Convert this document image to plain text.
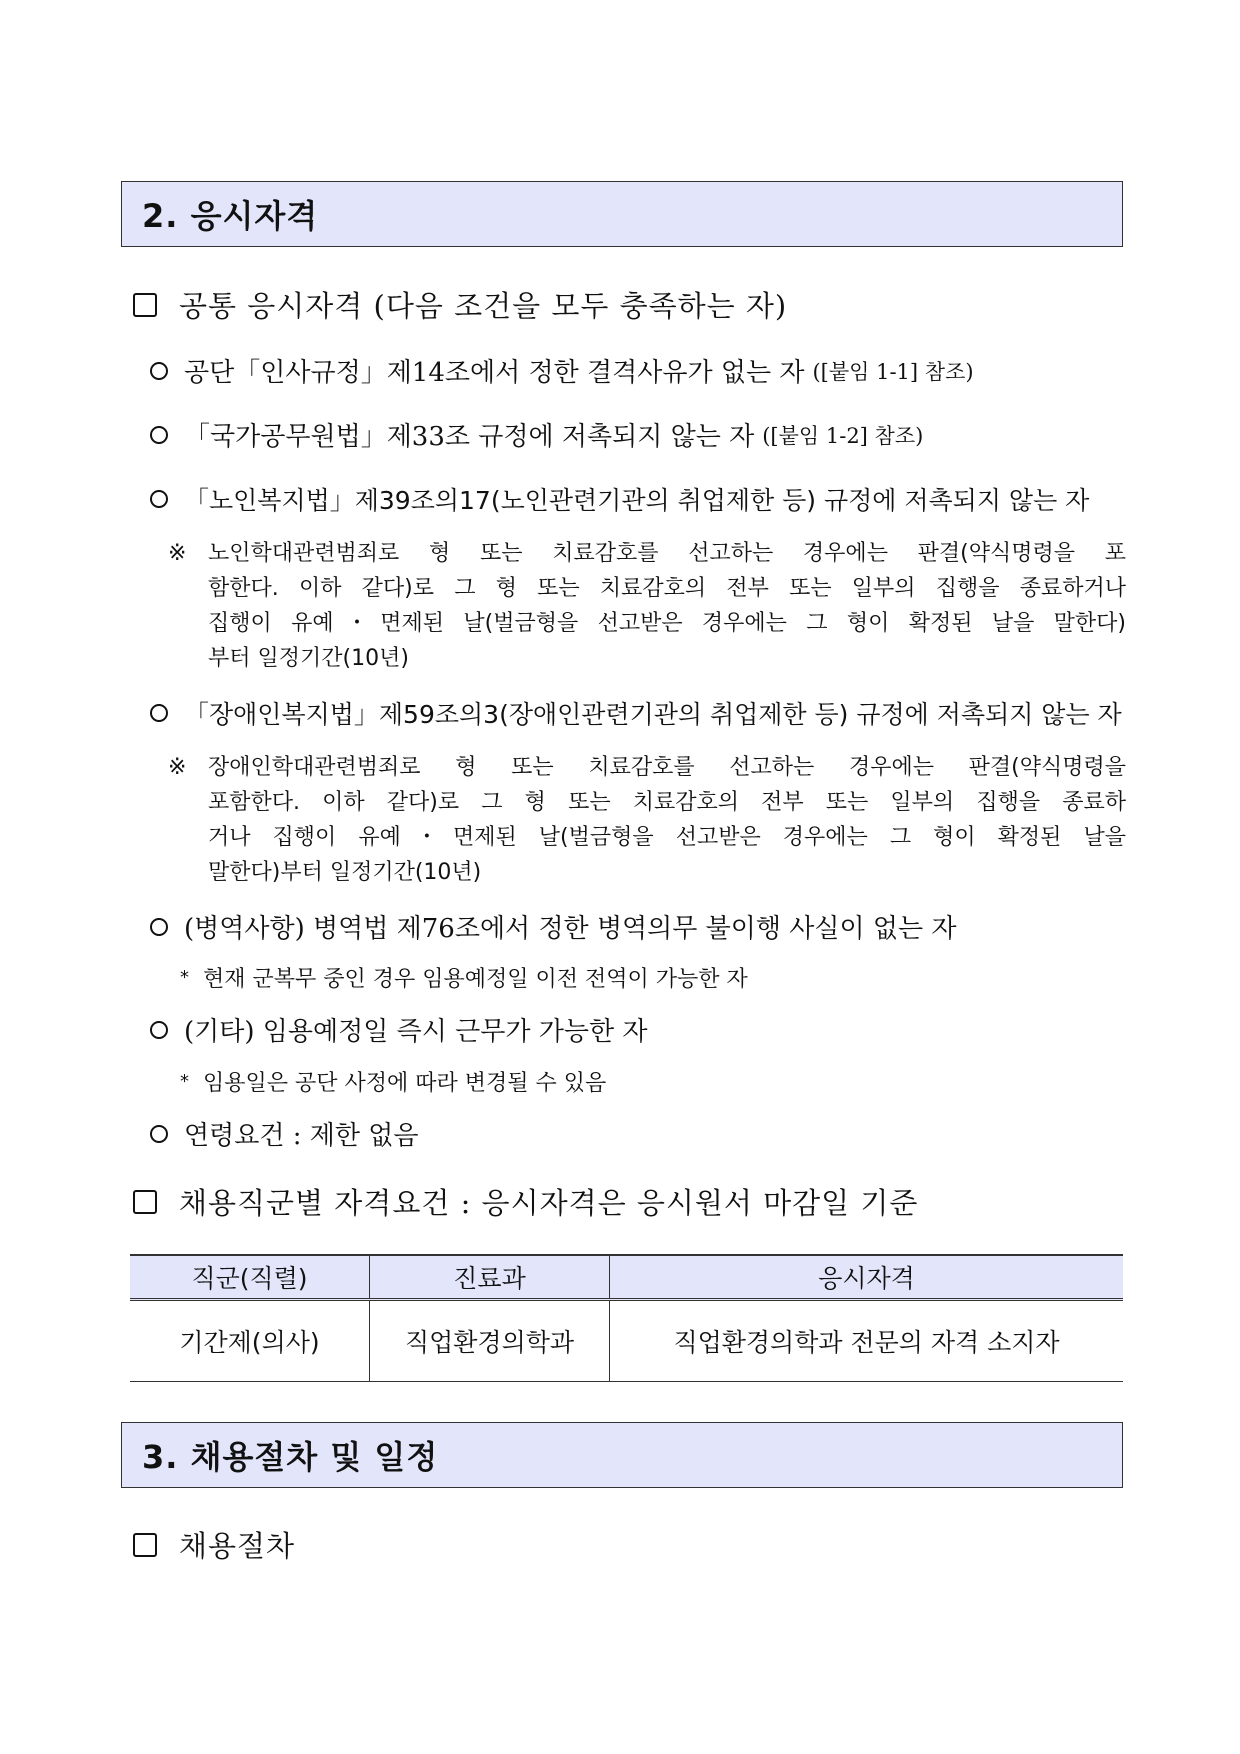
2. 응시자격
공통 응시자격 (다음 조건을 모두 충족하는 자)
공단「인사규정」제14조에서 정한 결격사유가 없는 자 ([붙임 1-1] 참조)
「국가공무원법」제33조 규정에 저촉되지 않는 자 ([붙임 1-2] 참조)
「노인복지법」제39조의17(노인관련기관의 취업제한 등) 규정에 저촉되지 않는 자
※ 노인학대관련범죄로 형 또는 치료감호를 선고하는 경우에는 판결(약식명령을 포
함한다. 이하 같다)로 그 형 또는 치료감호의 전부 또는 일부의 집행을 종료하거나
집행이 유예・면제된 날(벌금형을 선고받은 경우에는 그 형이 확정된 날을 말한다)
부터 일정기간(10년)
「장애인복지법」제59조의3(장애인관련기관의 취업제한 등) 규정에 저촉되지 않는 자
※ 장애인학대관련범죄로 형 또는 치료감호를 선고하는 경우에는 판결(약식명령을
포함한다. 이하 같다)로 그 형 또는 치료감호의 전부 또는 일부의 집행을 종료하
거나 집행이 유예・면제된 날(벌금형을 선고받은 경우에는 그 형이 확정된 날을
말한다)부터 일정기간(10년)
(병역사항) 병역법 제76조에서 정한 병역의무 불이행 사실이 없는 자
* 현재 군복무 중인 경우 임용예정일 이전 전역이 가능한 자
(기타) 임용예정일 즉시 근무가 가능한 자
* 임용일은 공단 사정에 따라 변경될 수 있음
연령요건 : 제한 없음
채용직군별 자격요건 : 응시자격은 응시원서 마감일 기준
직군(직렬)	진료과	응시자격
기간제(의사)	직업환경의학과	직업환경의학과 전문의 자격 소지자
3. 채용절차 및 일정
채용절차
